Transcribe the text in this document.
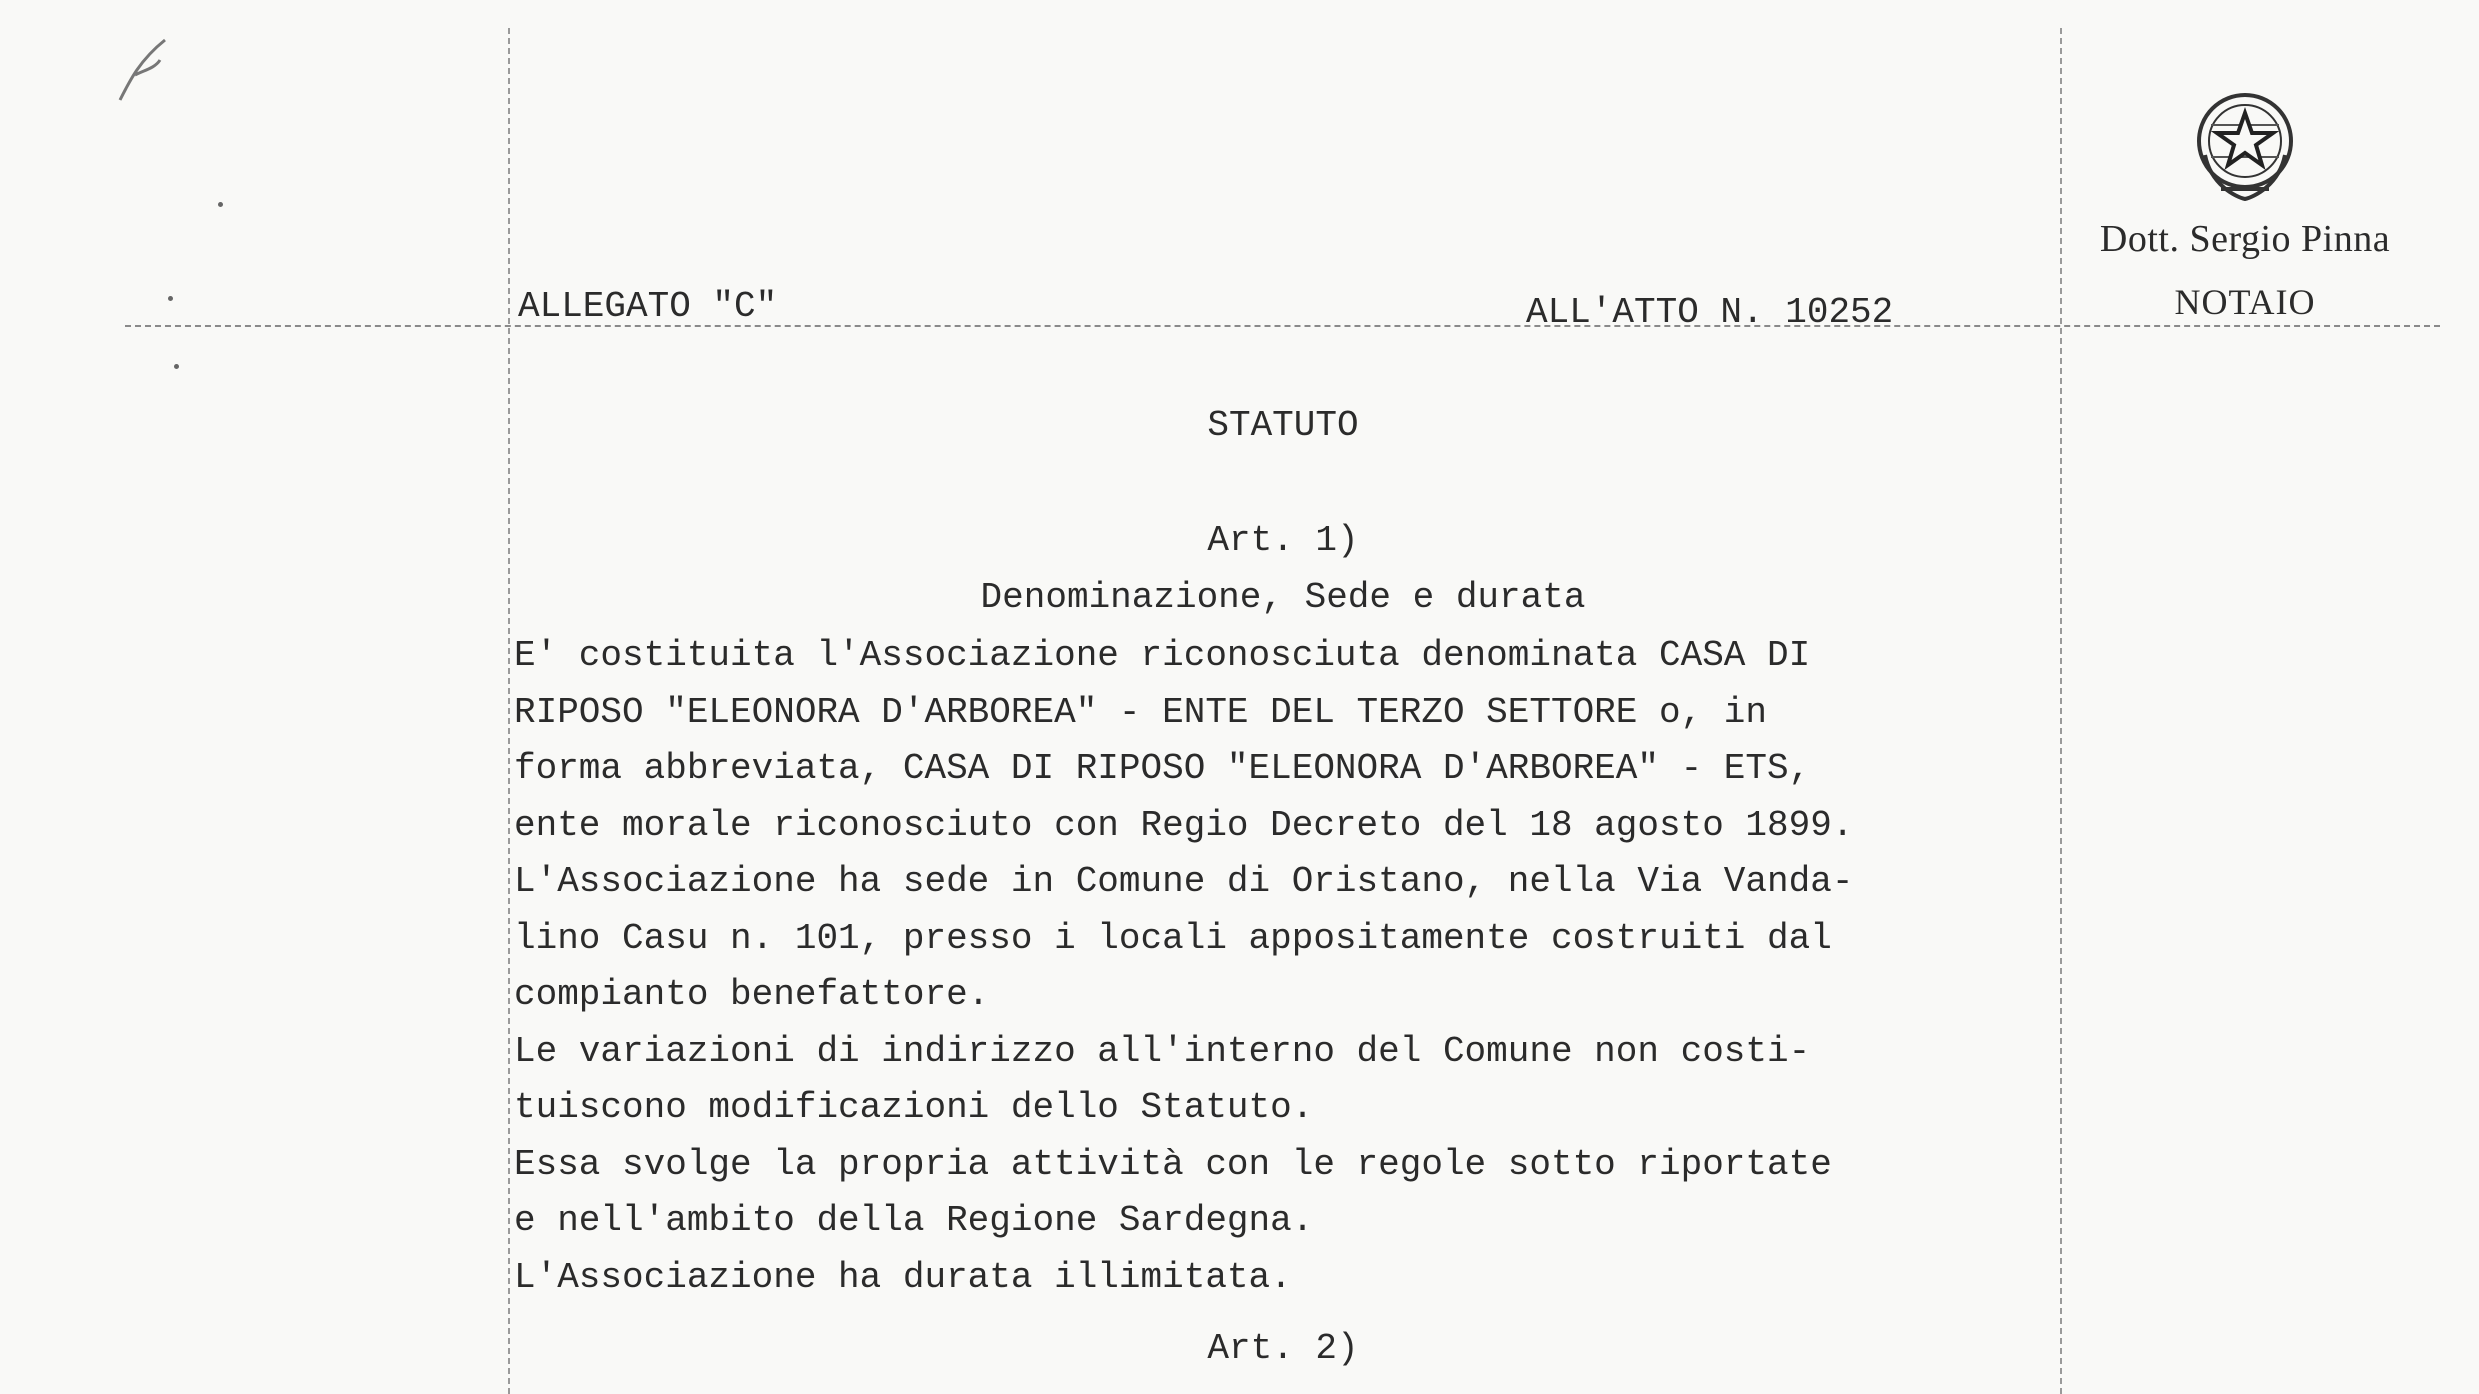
ALLEGATO "C"	ALL'ATTO N. 10252
Dott. Sergio Pinna
NOTAIO
STATUTO
Art. 1)
Denominazione, Sede e durata

E' costituita l'Associazione riconosciuta denominata CASA DI

RIPOSO "ELEONORA D'ARBOREA" - ENTE DEL TERZO SETTORE o, in

forma abbreviata, CASA DI RIPOSO "ELEONORA D'ARBOREA" - ETS,

ente morale riconosciuto con Regio Decreto del 18 agosto 1899.

L'Associazione ha sede in Comune di Oristano, nella Via Vanda-

lino Casu n. 101, presso i locali appositamente costruiti dal

compianto benefattore.

Le variazioni di indirizzo all'interno del Comune non costi-

tuiscono modificazioni dello Statuto.

Essa svolge la propria attività con le regole sotto riportate

e nell'ambito della Regione Sardegna.

L'Associazione ha durata illimitata.

Art. 2)
